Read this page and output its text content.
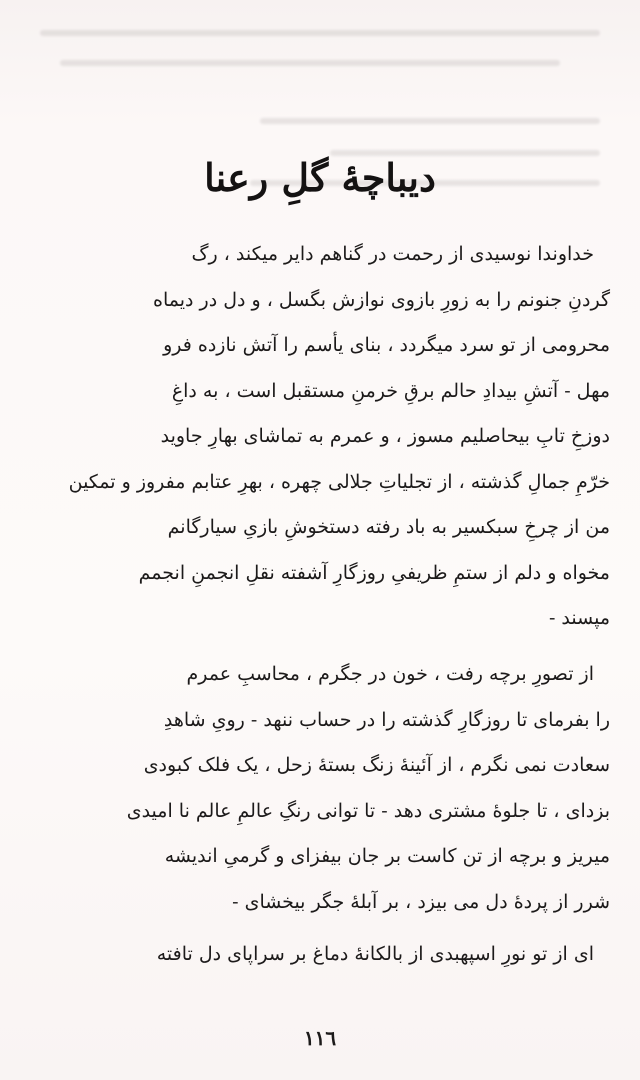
دیباچهٔ گلِ رعنا
خداوندا نوسیدی از رحمت در گناهم دایر میکند ، رگ
گردنِ جنونم را به زورِ بازوی نوازش بگسل ، و دل در دیماه
محرومی از تو سرد میگردد ، بنای یأسم را آتش نازده فرو
مهل - آتشِ بیدادِ حالم برقِ خرمنِ مستقبل است ، به داغِ
دوزخِ تابِ بیحاصلیم مسوز ، و عمرم به تماشای بهارِ جاوید
خرّمِ جمالِ گذشته ، از تجلیاتِ جلالی چهره ، بهرِ عتابم مفروز و تمکین
من از چرخِ سبکسیر به باد رفته دستخوشِ بازیِ سیارگانم
مخواه و دلم از ستمِ ظریفیِ روزگارِ آشفته نقلِ انجمنِ انجمم
مپسند -
از تصورِ برچه رفت ، خون در جگرم ، محاسبِ عمرم
را بفرمای تا روزگارِ گذشته را در حساب ننهد - رویِ شاهدِ
سعادت نمی نگرم ، از آئینهٔ زنگ بستهٔ زحل ، یک فلک کبودی
بزدای ، تا جلوهٔ مشتری دهد - تا توانی رنگِ عالمِ عالم نا امیدی
میریز و برچه از تن کاست بر جان بیفزای و گرمیِ اندیشه
شرر از پردهٔ دل می بیزد ، بر آبلهٔ جگر بیخشای -
ای از تو نورِ اسپهبدی از بالکانهٔ دماغ بر سراپای دل تافته
۱۱٦
